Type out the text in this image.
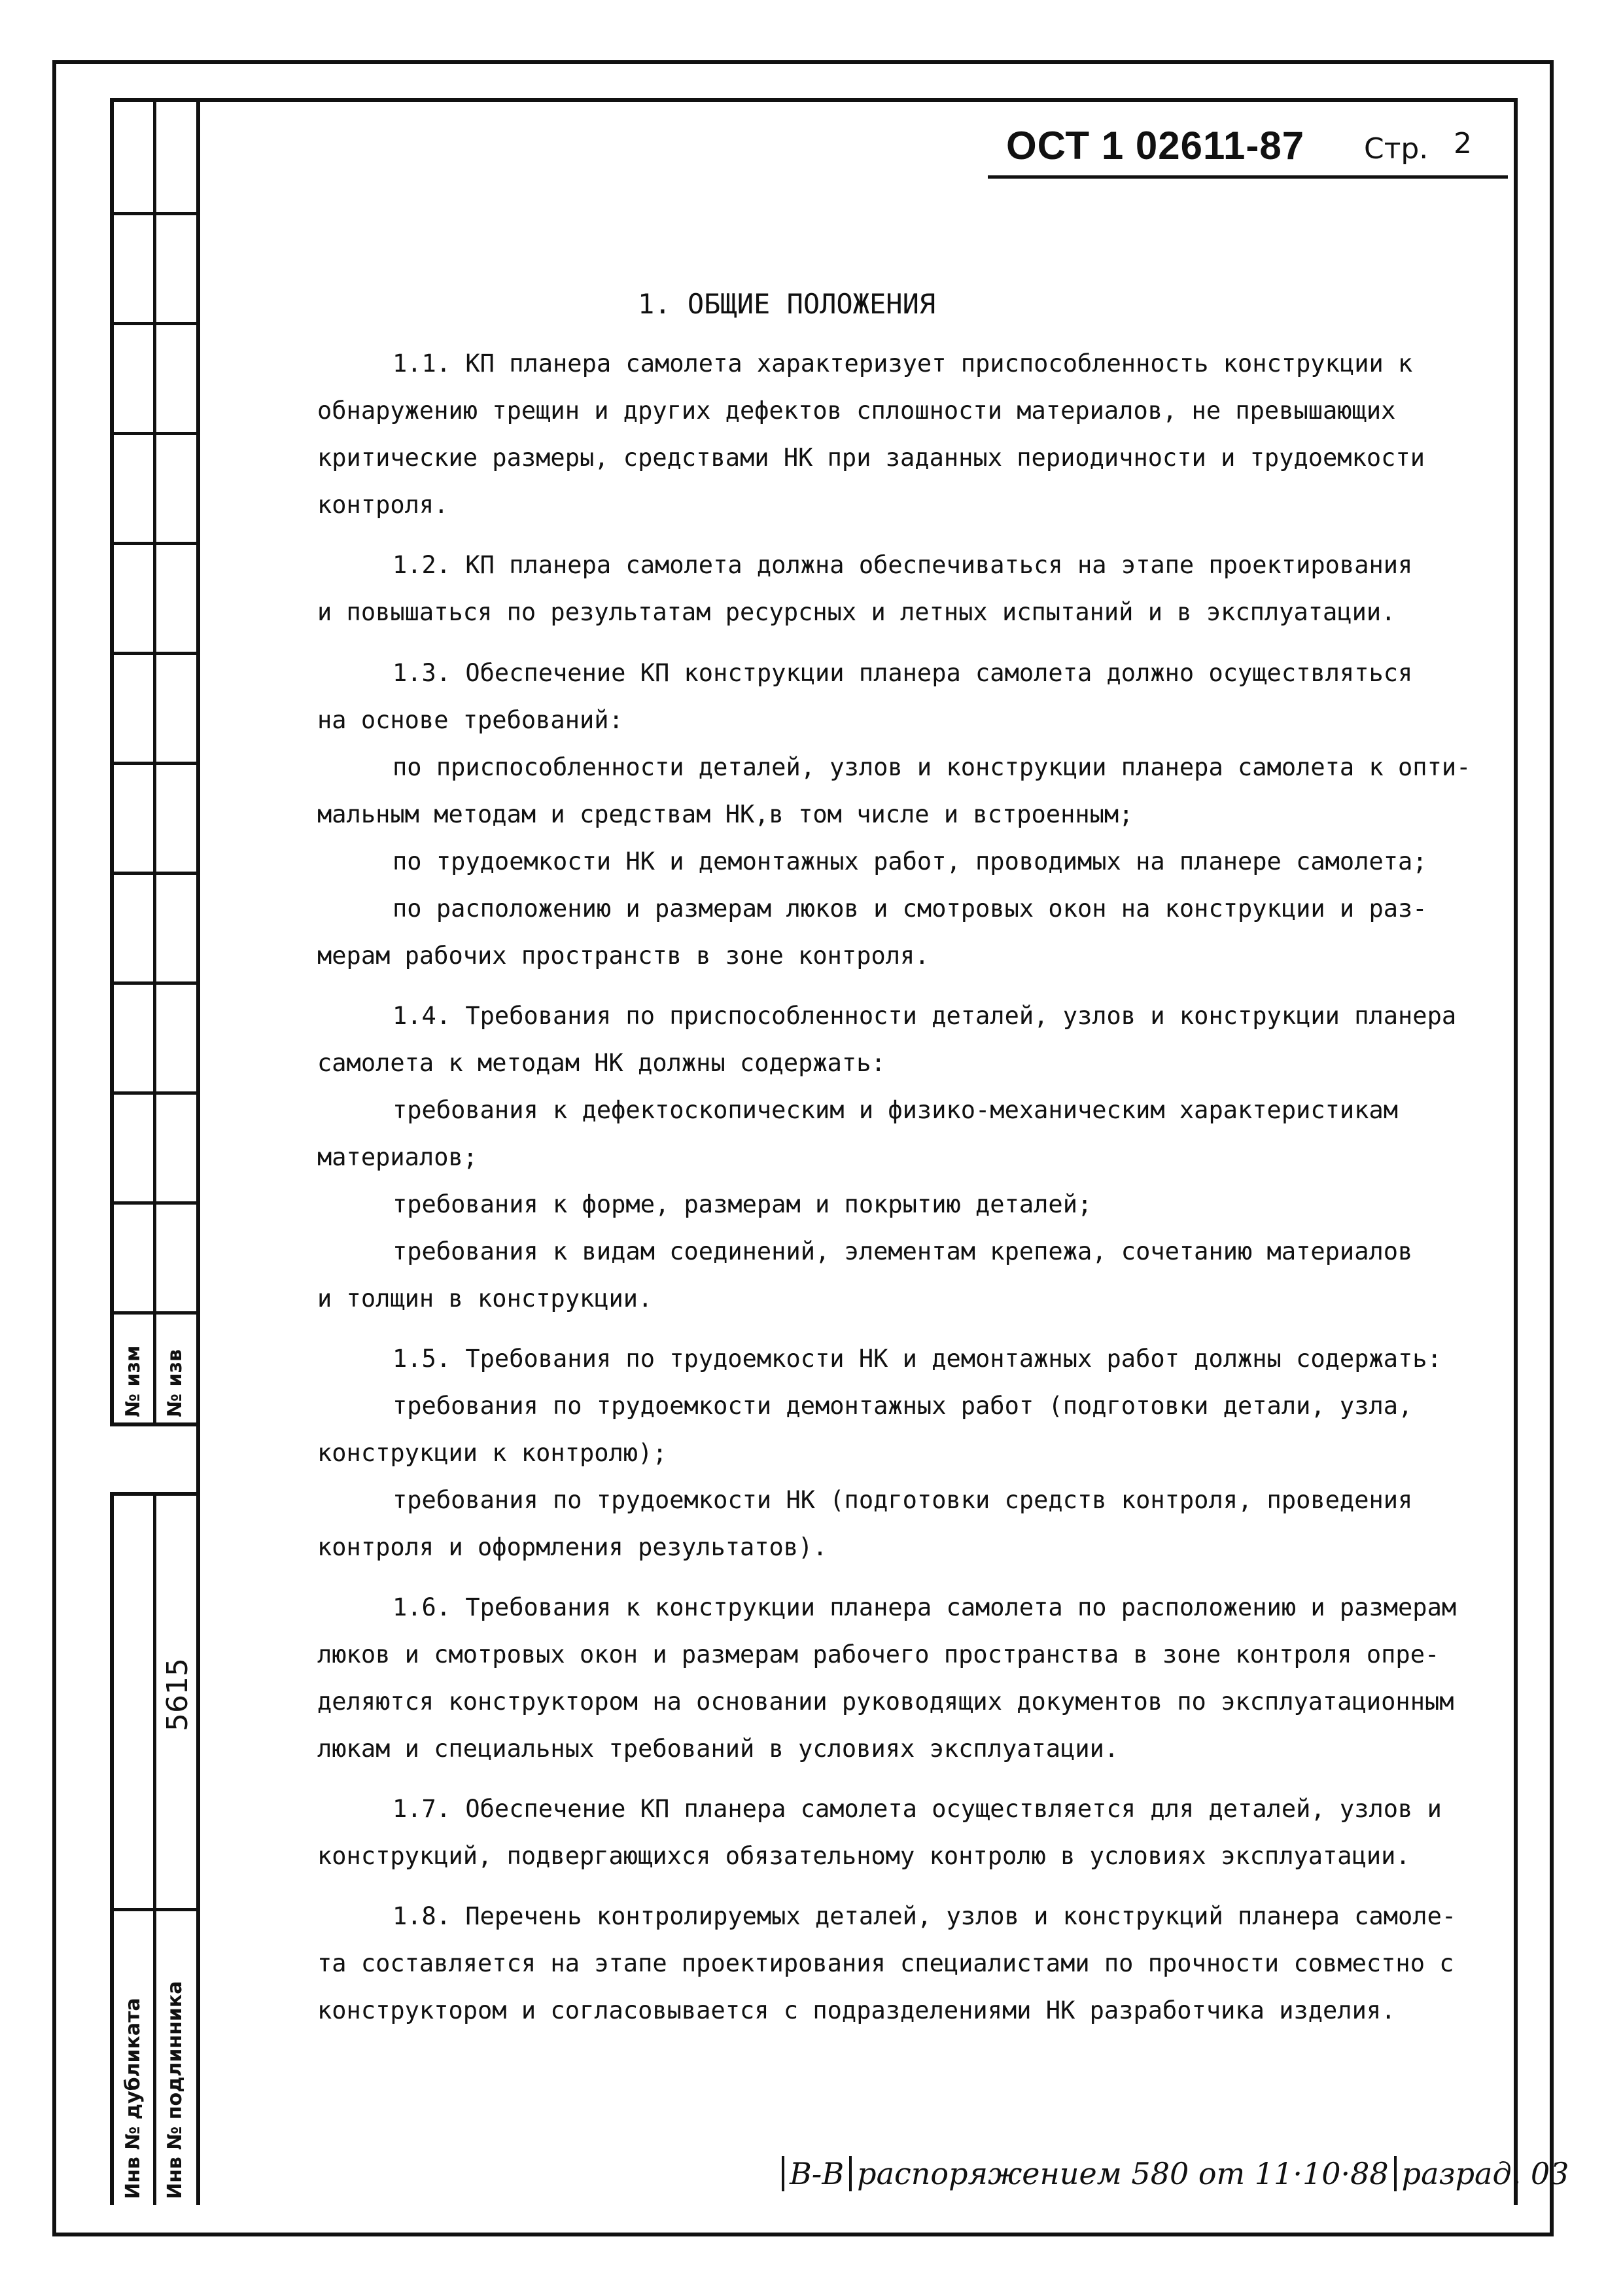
№ изм № изв
5615
Инв № дубликата Инв № подлинника
ОСТ 1 02611-87 Стр. 2
1. ОБЩИЕ ПОЛОЖЕНИЯ
1.1. КП планера самолета характеризует приспособленность конструкции к
обнаружению трещин и других дефектов сплошности материалов, не превышающих
критические размеры, средствами НК при заданных периодичности и трудоемкости
контроля.
1.2. КП планера самолета должна обеспечиваться на этапе проектирования
и повышаться по результатам ресурсных и летных испытаний и в эксплуатации.
1.3. Обеспечение КП конструкции планера самолета должно осуществляться
на основе требований:
по приспособленности деталей, узлов и конструкции планера самолета к опти-
мальным методам и средствам НК,в том числе и встроенным;
по трудоемкости НК и демонтажных работ, проводимых на планере самолета;
по расположению и размерам люков и смотровых окон на конструкции и раз-
мерам рабочих пространств в зоне контроля.
1.4. Требования по приспособленности деталей, узлов и конструкции планера
самолета к методам НК должны содержать:
требования к дефектоскопическим и физико-механическим характеристикам
материалов;
требования к форме, размерам и покрытию деталей;
требования к видам соединений, элементам крепежа, сочетанию материалов
и толщин в конструкции.
1.5. Требования по трудоемкости НК и демонтажных работ должны содержать:
требования по трудоемкости демонтажных работ (подготовки детали, узла,
конструкции к контролю);
требования по трудоемкости НК (подготовки средств контроля, проведения
контроля и оформления результатов).
1.6. Требования к конструкции планера самолета по расположению и размерам
люков и смотровых окон и размерам рабочего пространства в зоне контроля опре-
деляются конструктором на основании руководящих документов по эксплуатационным
люкам и специальных требований в условиях эксплуатации.
1.7. Обеспечение КП планера самолета осуществляется для деталей, узлов и
конструкций, подвергающихся обязательному контролю в условиях эксплуатации.
1.8. Перечень контролируемых деталей, узлов и конструкций планера самоле-
та составляется на этапе проектирования специалистами по прочности совместно с
конструктором и согласовывается с подразделениями НК разработчика изделия.
В-В распоряжением 580 от 11·10·88 разрад. 03
